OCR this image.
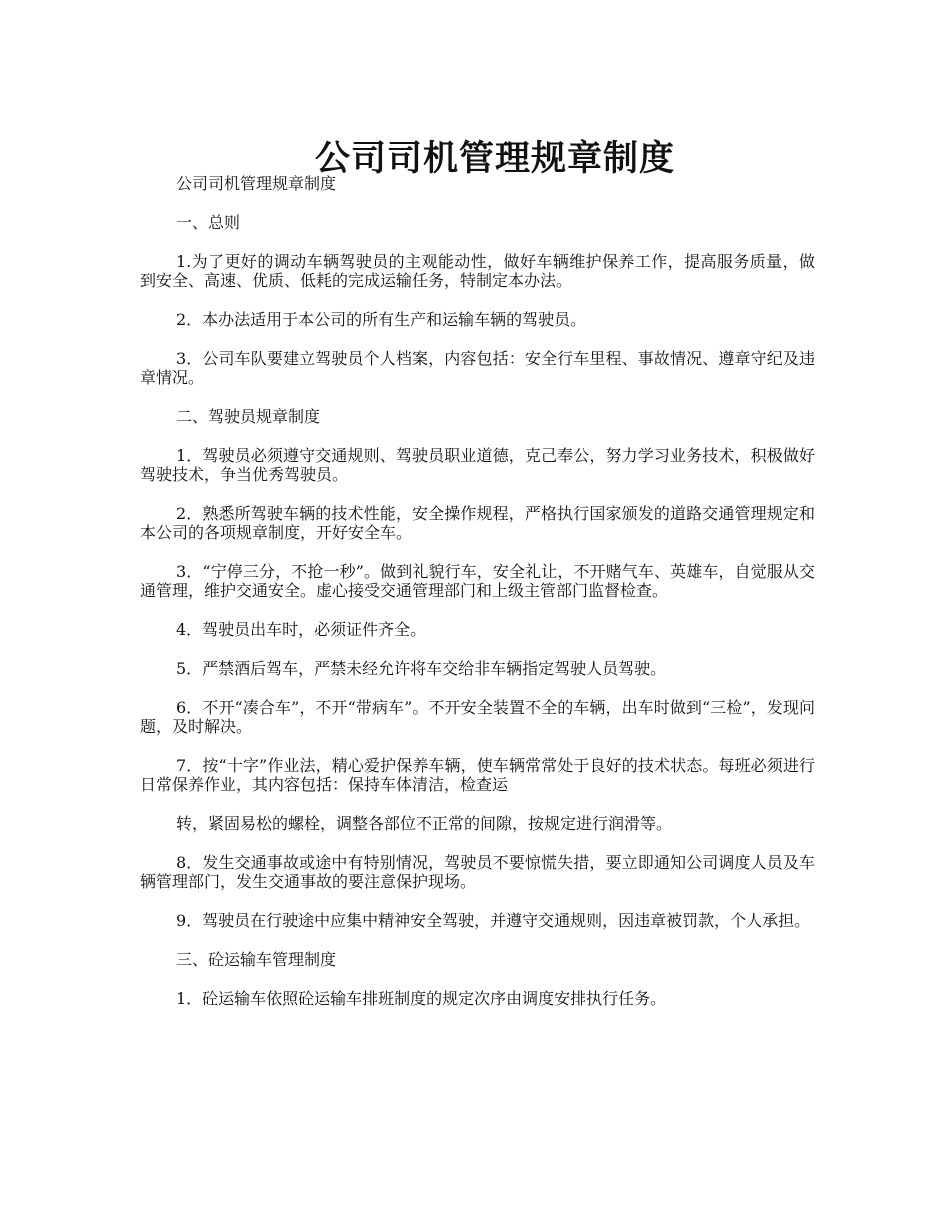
公司司机管理规章制度

公司司机管理规章制度

一、总则

1.为了更好的调动车辆驾驶员的主观能动性，做好车辆维护保养工作，提高服务质量，做到安全、高速、优质、低耗的完成运输任务，特制定本办法。

2．本办法适用于本公司的所有生产和运输车辆的驾驶员。

3．公司车队要建立驾驶员个人档案，内容包括：安全行车里程、事故情况、遵章守纪及违章情况。

二、驾驶员规章制度

1．驾驶员必须遵守交通规则、驾驶员职业道德，克己奉公，努力学习业务技术，积极做好驾驶技术，争当优秀驾驶员。

2．熟悉所驾驶车辆的技术性能，安全操作规程，严格执行国家颁发的道路交通管理规定和本公司的各项规章制度，开好安全车。

3．“宁停三分，不抢一秒”。做到礼貌行车，安全礼让，不开赌气车、英雄车，自觉服从交通管理，维护交通安全。虚心接受交通管理部门和上级主管部门监督检查。

4．驾驶员出车时，必须证件齐全。

5．严禁酒后驾车，严禁未经允许将车交给非车辆指定驾驶人员驾驶。

6．不开“凑合车”，不开“带病车”。不开安全装置不全的车辆，出车时做到“三检”，发现问题，及时解决。

7．按“十字”作业法，精心爱护保养车辆，使车辆常常处于良好的技术状态。每班必须进行日常保养作业，其内容包括：保持车体清洁，检查运

转，紧固易松的螺栓，调整各部位不正常的间隙，按规定进行润滑等。

8．发生交通事故或途中有特别情况，驾驶员不要惊慌失措，要立即通知公司调度人员及车辆管理部门，发生交通事故的要注意保护现场。

9．驾驶员在行驶途中应集中精神安全驾驶，并遵守交通规则，因违章被罚款，个人承担。

三、砼运输车管理制度

1．砼运输车依照砼运输车排班制度的规定次序由调度安排执行任务。
